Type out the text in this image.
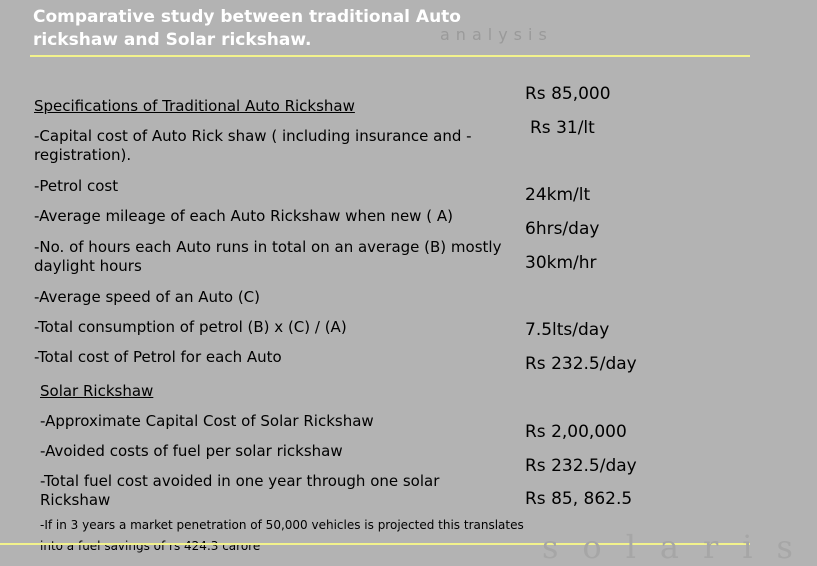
Comparative study between traditional Auto rickshaw and Solar rickshaw.	analysis
Specifications of Traditional Auto Rickshaw
-Capital cost of Auto Rick shaw ( including insurance and -registration).
-Petrol cost
-Average mileage of each Auto Rickshaw when new ( A)
-No. of hours each Auto runs in total on an average (B) mostly daylight hours
-Average speed of an Auto (C)
-Total consumption of petrol (B) x (C) / (A)
-Total cost of Petrol for each Auto
Rs 85,000
Rs 31/lt
24km/lt
6hrs/day
30km/hr
7.5lts/day
Rs 232.5/day
Solar Rickshaw
-Approximate Capital Cost of Solar Rickshaw
-Avoided costs of fuel per solar rickshaw
-Total fuel cost avoided in one year through one solar Rickshaw
Rs 2,00,000
Rs 232.5/day
Rs 85, 862.5
-If in 3 years a market penetration of 50,000 vehicles is projected this translates
into a fuel savings of rs 424.3 carore	solaris
